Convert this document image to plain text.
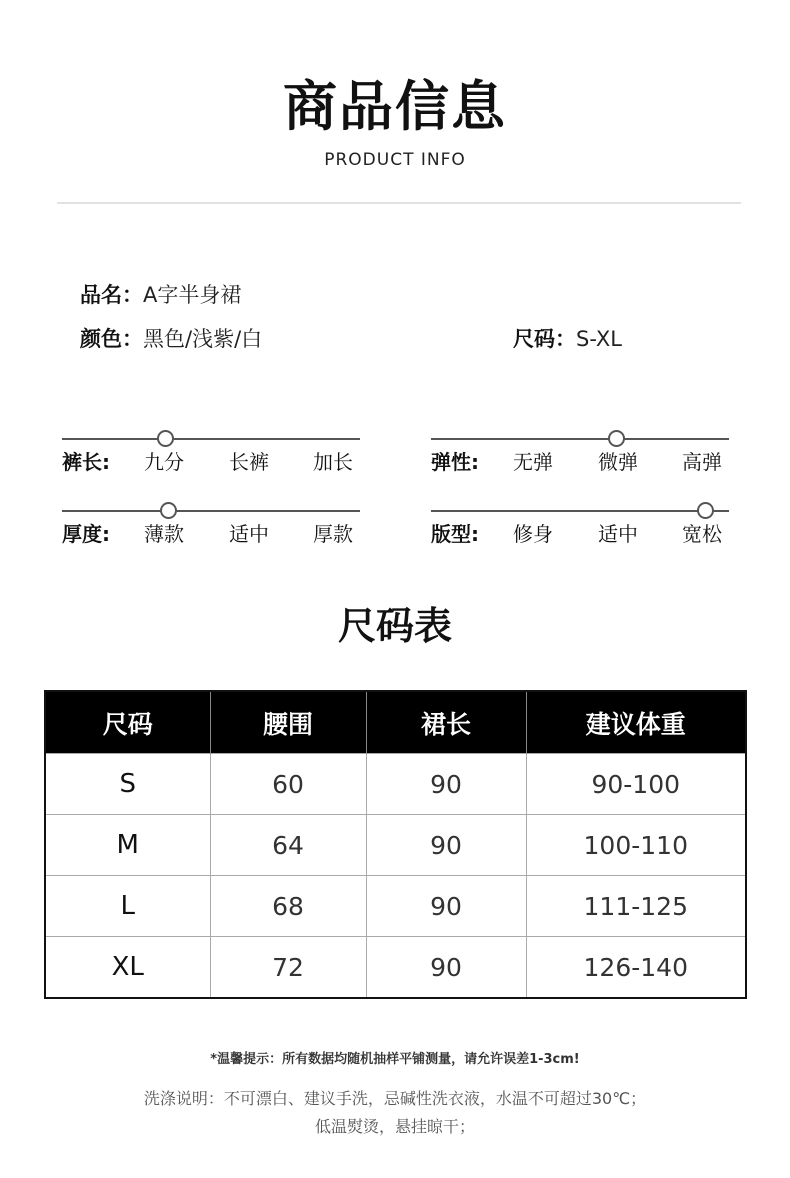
商品信息
PRODUCT INFO
品名：A字半身裙
颜色：黑色/浅紫/白	尺码：S-XL
裤长: 九分 长裤 加长	弹性: 无弹 微弹 高弹
厚度: 薄款 适中 厚款	版型: 修身 适中 宽松
尺码表
尺码	腰围	裙长	建议体重
S	60	90	90-100
M	64	90	100-110
L	68	90	111-125
XL	72	90	126-140
*温馨提示：所有数据均随机抽样平铺测量，请允许误差1-3cm!
洗涤说明：不可漂白、建议手洗，忌碱性洗衣液，水温不可超过30℃；
低温熨烫，悬挂晾干；
